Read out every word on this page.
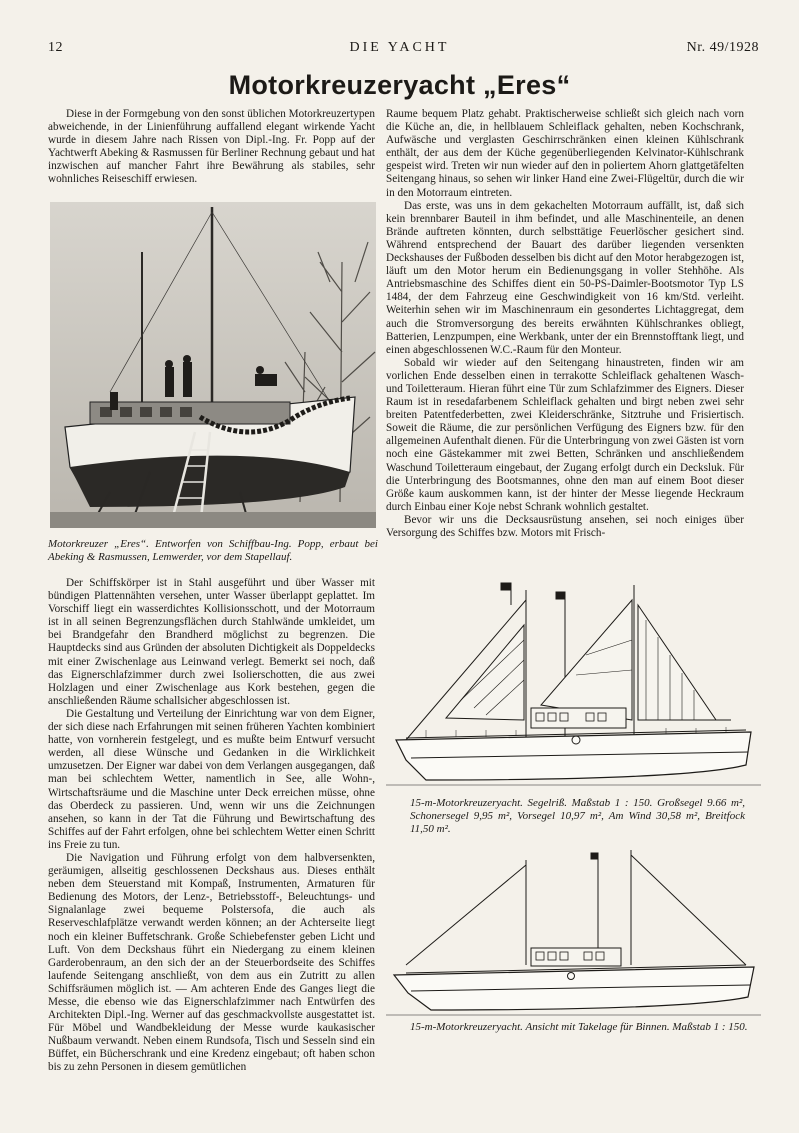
DIE YACHT
12	Nr. 49/1928
Motorkreuzeryacht „Eres“

Diese in der Formgebung von den sonst üblichen Motorkreuzertypen abweichende, in der Linienführung auffallend elegant wirkende Yacht wurde in diesem Jahre nach Rissen von Dipl.-Ing. Fr. Popp auf der Yachtwerft Abeking & Rasmussen für Berliner Rechnung gebaut und hat inzwischen auf mancher Fahrt ihre Bewährung als stabiles, sehr wohnliches Reiseschiff erwiesen.

Motorkreuzer „Eres“. Entworfen von Schiffbau-Ing. Popp, erbaut bei Abeking & Rasmussen, Lemwerder, vor dem Stapellauf.

Der Schiffskörper ist in Stahl ausgeführt und über Wasser mit bündigen Plattennähten versehen, unter Wasser überlappt geplattet. Im Vorschiff liegt ein wasserdichtes Kollisionsschott, und der Motorraum ist in all seinen Begrenzungsflächen durch Stahlwände umkleidet, um bei Brandgefahr den Brandherd möglichst zu begrenzen. Die Hauptdecks sind aus Gründen der absoluten Dichtigkeit als Doppeldecks mit einer Zwischenlage aus Leinwand verlegt. Bemerkt sei noch, daß das Eignerschlafzimmer durch zwei Isolierschotten, die aus zwei Holzlagen und einer Zwischenlage aus Kork bestehen, gegen die anschließenden Räume schallsicher abgeschlossen ist.

Die Gestaltung und Verteilung der Einrichtung war von dem Eigner, der sich diese nach Erfahrungen mit seinen früheren Yachten kombiniert hatte, von vornherein festgelegt, und es mußte beim Entwurf versucht werden, all diese Wünsche und Gedanken in die Wirklichkeit umzusetzen. Der Eigner war dabei von dem Verlangen ausgegangen, daß man bei schlechtem Wetter, namentlich in See, alle Wohn-, Wirtschaftsräume und die Maschine unter Deck erreichen müsse, ohne das Oberdeck zu passieren. Und, wenn wir uns die Zeichnungen ansehen, so kann in der Tat die Führung und Bewirtschaftung des Schiffes auf der Fahrt erfolgen, ohne bei schlechtem Wetter einen Schritt ins Freie zu tun.

Die Navigation und Führung erfolgt von dem halbversenkten, geräumigen, allseitig geschlossenen Deckshaus aus. Dieses enthält neben dem Steuerstand mit Kompaß, Instrumenten, Armaturen für Bedienung des Motors, der Lenz-, Betriebsstoff-, Beleuchtungs- und Signalanlage zwei bequeme Polstersofa, die auch als Reserveschlafplätze verwandt werden können; an der Achterseite liegt noch ein kleiner Buffetschrank. Große Schiebefenster geben Licht und Luft. Von dem Deckshaus führt ein Niedergang zu einem kleinen Garderobenraum, an den sich der an der Steuerbordseite des Schiffes laufende Seitengang anschließt, von dem aus ein Zutritt zu allen Schiffsräumen möglich ist. — Am achteren Ende des Ganges liegt die Messe, die ebenso wie das Eignerschlafzimmer nach Entwürfen des Architekten Dipl.-Ing. Werner auf das geschmackvollste ausgestattet ist. Für Möbel und Wandbekleidung der Messe wurde kaukasischer Nußbaum verwandt. Neben einem Rundsofa, Tisch und Sesseln sind ein Büffet, ein Bücherschrank und eine Kredenz eingebaut; oft haben schon bis zu zehn Personen in diesem gemütlichen

Raume bequem Platz gehabt. Praktischerweise schließt sich gleich nach vorn die Küche an, die, in hellblauem Schleiflack gehalten, neben Kochschrank, Aufwäsche und verglasten Geschirrschränken einen kleinen Kühlschrank enthält, der aus dem der Küche gegenüberliegenden Kelvinator-Kühlschrank gespeist wird. Treten wir nun wieder auf den in poliertem Ahorn glattgetäfelten Seitengang hinaus, so sehen wir linker Hand eine Zwei-Flügeltür, durch die wir in den Motorraum eintreten.

Das erste, was uns in dem gekachelten Motorraum auffällt, ist, daß sich kein brennbarer Bauteil in ihm befindet, und alle Maschinenteile, an denen Brände auftreten könnten, durch selbsttätige Feuerlöscher gesichert sind. Während entsprechend der Bauart des darüber liegenden versenkten Deckshauses der Fußboden desselben bis dicht auf den Motor herabgezogen ist, läuft um den Motor herum ein Bedienungsgang in voller Stehhöhe. Als Antriebsmaschine des Schiffes dient ein 50-PS-Daimler-Bootsmotor Typ LS 1484, der dem Fahrzeug eine Geschwindigkeit von 16 km/Std. verleiht. Weiterhin sehen wir im Maschinenraum ein gesondertes Lichtaggregat, dem auch die Stromversorgung des bereits erwähnten Kühlschrankes obliegt, Batterien, Lenzpumpen, eine Werkbank, unter der ein Brennstofftank liegt, und einen abgeschlossenen W.C.-Raum für den Monteur.

Sobald wir wieder auf den Seitengang hinaustreten, finden wir am vorlichen Ende desselben einen in terrakotte Schleiflack gehaltenen Wasch- und Toiletteraum. Hieran führt eine Tür zum Schlafzimmer des Eigners. Dieser Raum ist in resedafarbenem Schleiflack gehalten und birgt neben zwei sehr breiten Patentfederbetten, zwei Kleiderschränke, Sitztruhe und Frisiertisch. Soweit die Räume, die zur persönlichen Verfügung des Eigners bzw. für den allgemeinen Aufenthalt dienen. Für die Unterbringung von zwei Gästen ist vorn noch eine Gästekammer mit zwei Betten, Schränken und anschließendem Waschund Toiletteraum eingebaut, der Zugang erfolgt durch ein Decksluk. Für die Unterbringung des Bootsmannes, ohne den man auf einem Boot dieser Größe kaum auskommen kann, ist der hinter der Messe liegende Heckraum durch Einbau einer Koje nebst Schrank wohnlich gestaltet.

Bevor wir uns die Decksausrüstung ansehen, sei noch einiges über Versorgung des Schiffes bzw. Motors mit Frisch-

15-m-Motorkreuzeryacht. Segelriß. Maßstab 1 : 150. Großsegel 9.66 m², Schonersegel 9,95 m², Vorsegel 10,97 m², Am Wind 30,58 m², Breitfock 11,50 m².
15-m-Motorkreuzeryacht. Ansicht mit Takelage für Binnen. Maßstab 1 : 150.
